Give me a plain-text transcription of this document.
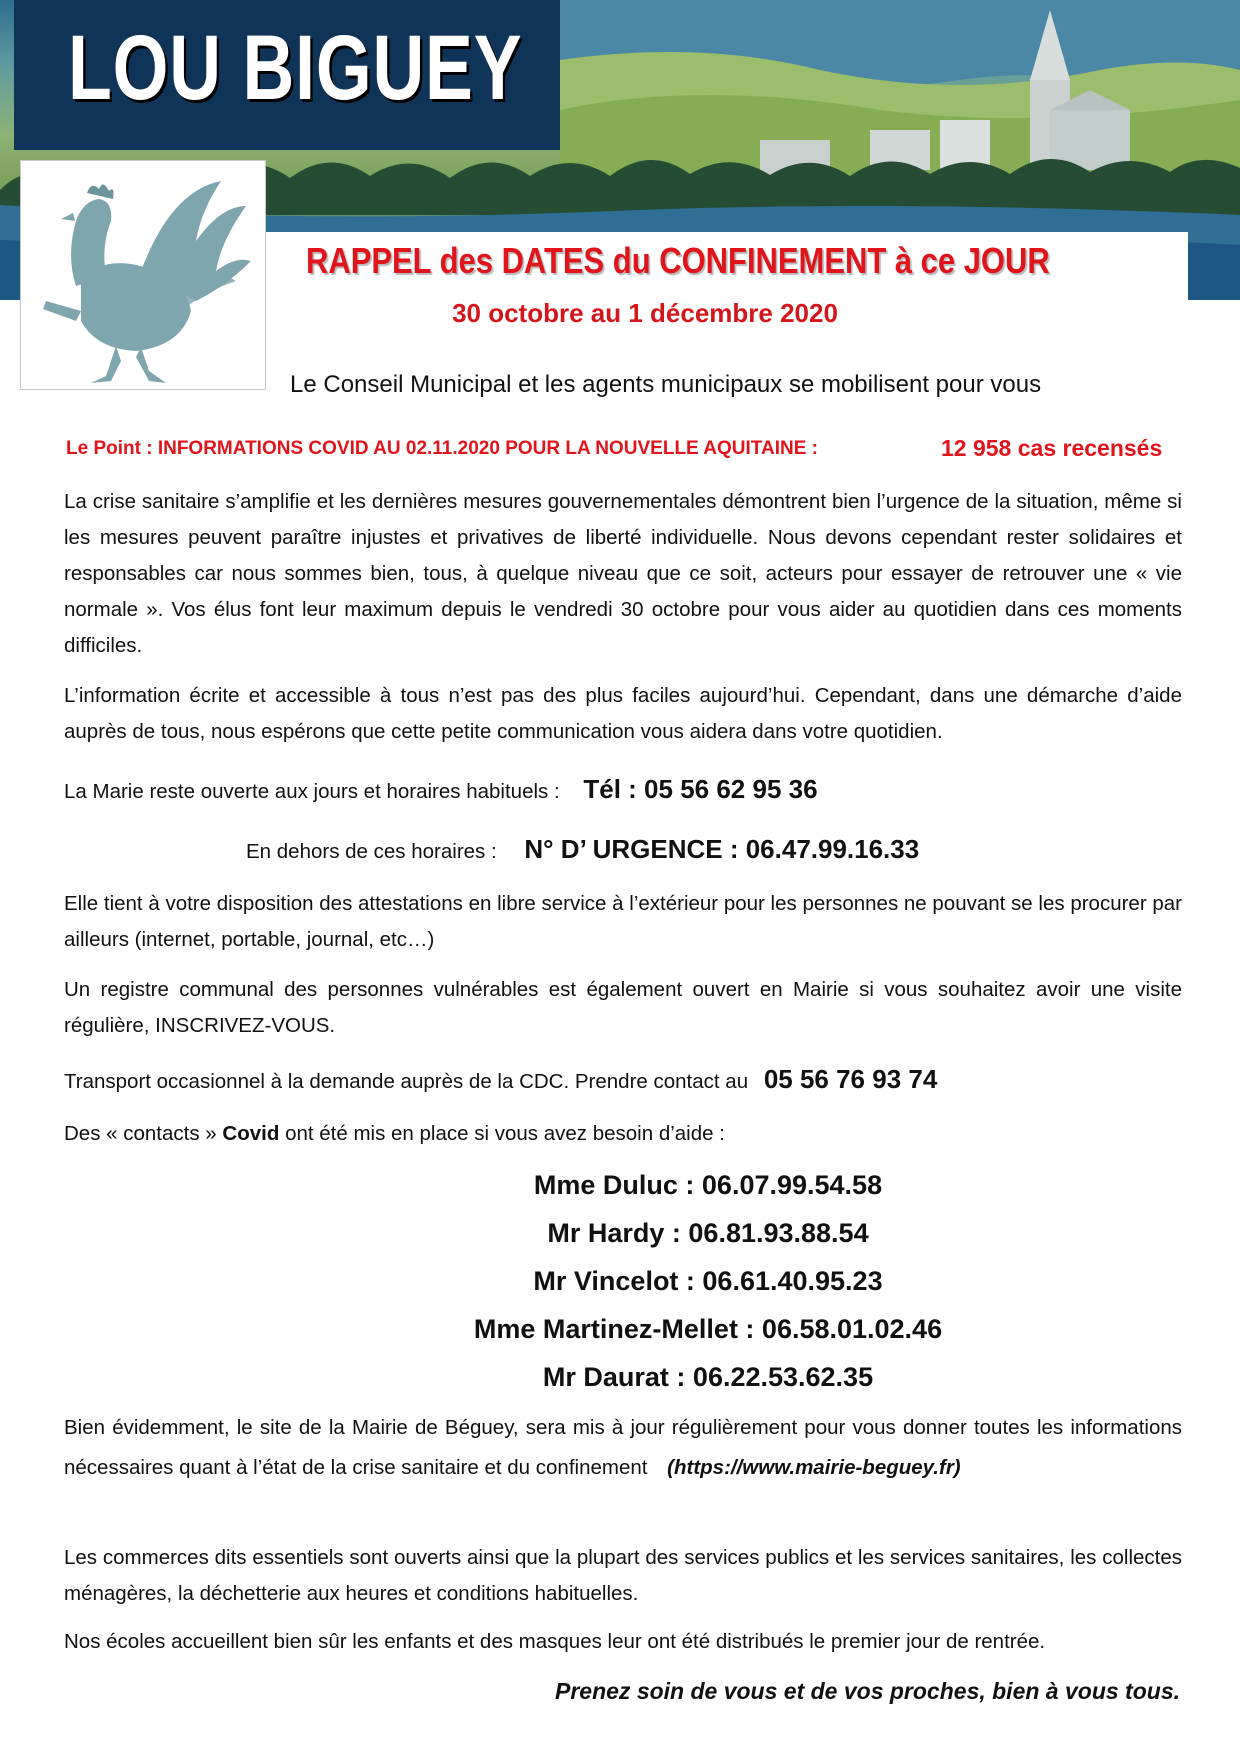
LOU BIGUEY
RAPPEL des DATES du CONFINEMENT à ce JOUR
30 octobre au 1 décembre 2020
Le Conseil Municipal et les agents municipaux se mobilisent pour vous
Le Point : INFORMATIONS COVID AU 02.11.2020 POUR LA NOUVELLE AQUITAINE :	12 958 cas recensés

La crise sanitaire s’amplifie et les dernières mesures gouvernementales démontrent bien l’urgence de la situation, même si les mesures peuvent paraître injustes et privatives de liberté individuelle. Nous devons cependant rester solidaires et responsables car nous sommes bien, tous, à quelque niveau que ce soit, acteurs pour essayer de retrouver une « vie normale ». Vos élus font leur maximum depuis le vendredi 30 octobre pour vous aider au quotidien dans ces moments difficiles.

L’information écrite et accessible à tous n’est pas des plus faciles aujourd’hui. Cependant, dans une démarche d’aide auprès de tous, nous espérons que cette petite communication vous aidera dans votre quotidien.

La Marie reste ouverte aux jours et horaires habituels : Tél : 05 56 62 95 36
En dehors de ces horaires : N° D’ URGENCE : 06.47.99.16.33

Elle tient à votre disposition des attestations en libre service à l’extérieur pour les personnes ne pouvant se les procurer par ailleurs (internet, portable, journal, etc…)

Un registre communal des personnes vulnérables est également ouvert en Mairie si vous souhaitez avoir une visite régulière, INSCRIVEZ-VOUS.

Transport occasionnel à la demande auprès de la CDC. Prendre contact au 05 56 76 93 74
Des « contacts » Covid ont été mis en place si vous avez besoin d’aide :
Mme Duluc : 06.07.99.54.58
Mr Hardy : 06.81.93.88.54
Mr Vincelot : 06.61.40.95.23
Mme Martinez-Mellet : 06.58.01.02.46
Mr Daurat : 06.22.53.62.35

Bien évidemment, le site de la Mairie de Béguey, sera mis à jour régulièrement pour vous donner toutes les informations nécessaires quant à l’état de la crise sanitaire et du confinement (https://www.mairie-beguey.fr)

Les commerces dits essentiels sont ouverts ainsi que la plupart des services publics et les services sanitaires, les collectes ménagères, la déchetterie aux heures et conditions habituelles.

Nos écoles accueillent bien sûr les enfants et des masques leur ont été distribués le premier jour de rentrée.

Prenez soin de vous et de vos proches, bien à vous tous.
